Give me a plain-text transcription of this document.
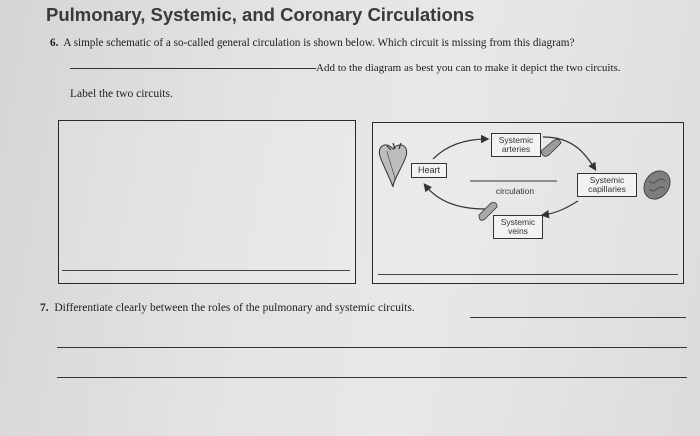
Pulmonary, Systemic, and Coronary Circulations
6. A simple schematic of a so-called general circulation is shown below. Which circuit is missing from this diagram?
Add to the diagram as best you can to make it depict the two circuits.
Label the two circuits.
Heart
Systemic arteries
circulation
Systemic capillaries
Systemic veins
7. Differentiate clearly between the roles of the pulmonary and systemic circuits.
